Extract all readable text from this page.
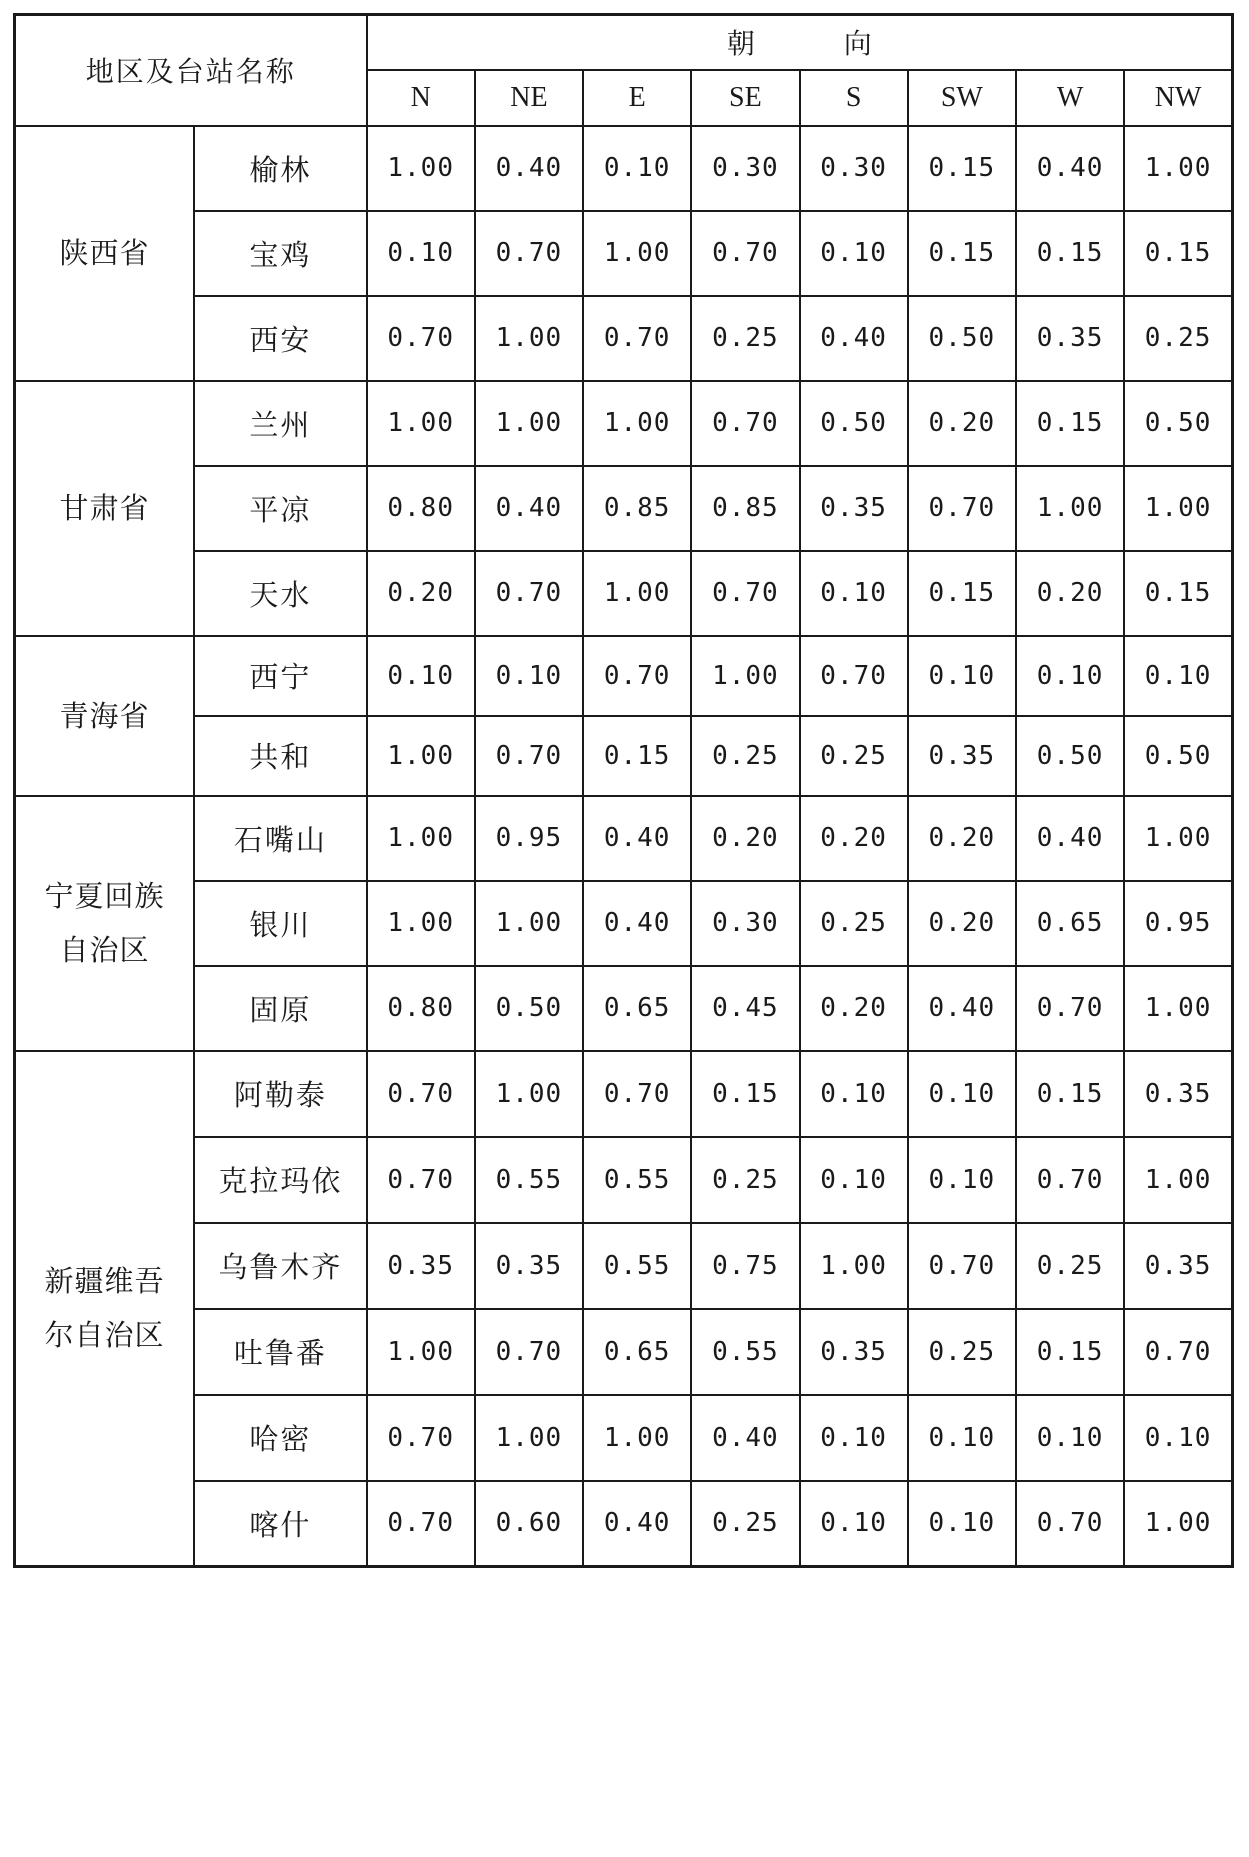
地区及台站名称		朝 向							
		N	NE	E	SE	S	SW	W	NW
陕西省	榆林	1.00	0.40	0.10	0.30	0.30	0.15	0.40	1.00
	宝鸡	0.10	0.70	1.00	0.70	0.10	0.15	0.15	0.15
	西安	0.70	1.00	0.70	0.25	0.40	0.50	0.35	0.25
甘肃省	兰州	1.00	1.00	1.00	0.70	0.50	0.20	0.15	0.50
	平凉	0.80	0.40	0.85	0.85	0.35	0.70	1.00	1.00
	天水	0.20	0.70	1.00	0.70	0.10	0.15	0.20	0.15
青海省	西宁	0.10	0.10	0.70	1.00	0.70	0.10	0.10	0.10
	共和	1.00	0.70	0.15	0.25	0.25	0.35	0.50	0.50

宁夏回族
自治区	石嘴山	1.00	0.95	0.40	0.20	0.20	0.20	0.40	1.00
	银川	1.00	1.00	0.40	0.30	0.25	0.20	0.65	0.95
	固原	0.80	0.50	0.65	0.45	0.20	0.40	0.70	1.00

新疆维吾
尔自治区	阿勒泰	0.70	1.00	0.70	0.15	0.10	0.10	0.15	0.35
	克拉玛依	0.70	0.55	0.55	0.25	0.10	0.10	0.70	1.00
	乌鲁木齐	0.35	0.35	0.55	0.75	1.00	0.70	0.25	0.35
	吐鲁番	1.00	0.70	0.65	0.55	0.35	0.25	0.15	0.70
	哈密	0.70	1.00	1.00	0.40	0.10	0.10	0.10	0.10
	喀什	0.70	0.60	0.40	0.25	0.10	0.10	0.70	1.00
